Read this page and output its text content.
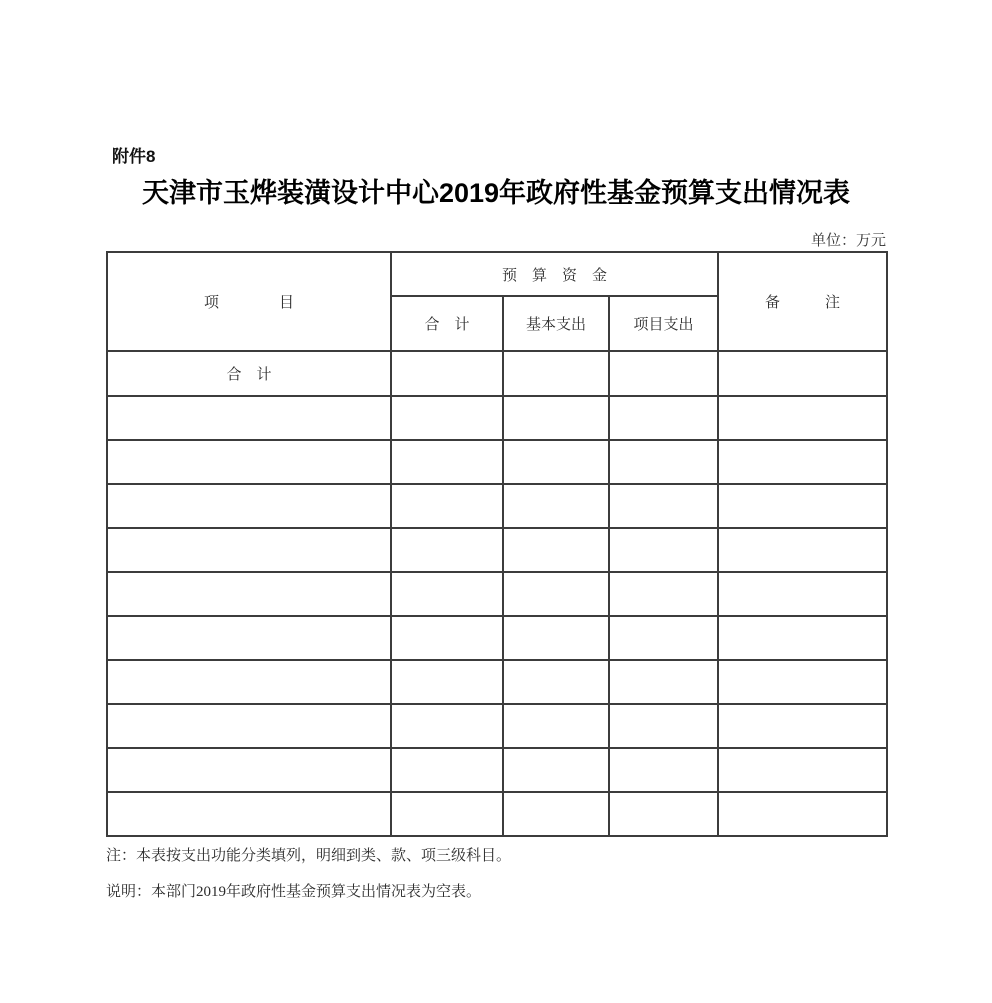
附件8
天津市玉烨装潢设计中心2019年政府性基金预算支出情况表
单位：万元
项　　　　目	预　算　资　金			备　　　注
	合　计	基本支出	项目支出	
合　计				

注：本表按支出功能分类填列，明细到类、款、项三级科目。
说明：本部门2019年政府性基金预算支出情况表为空表。
